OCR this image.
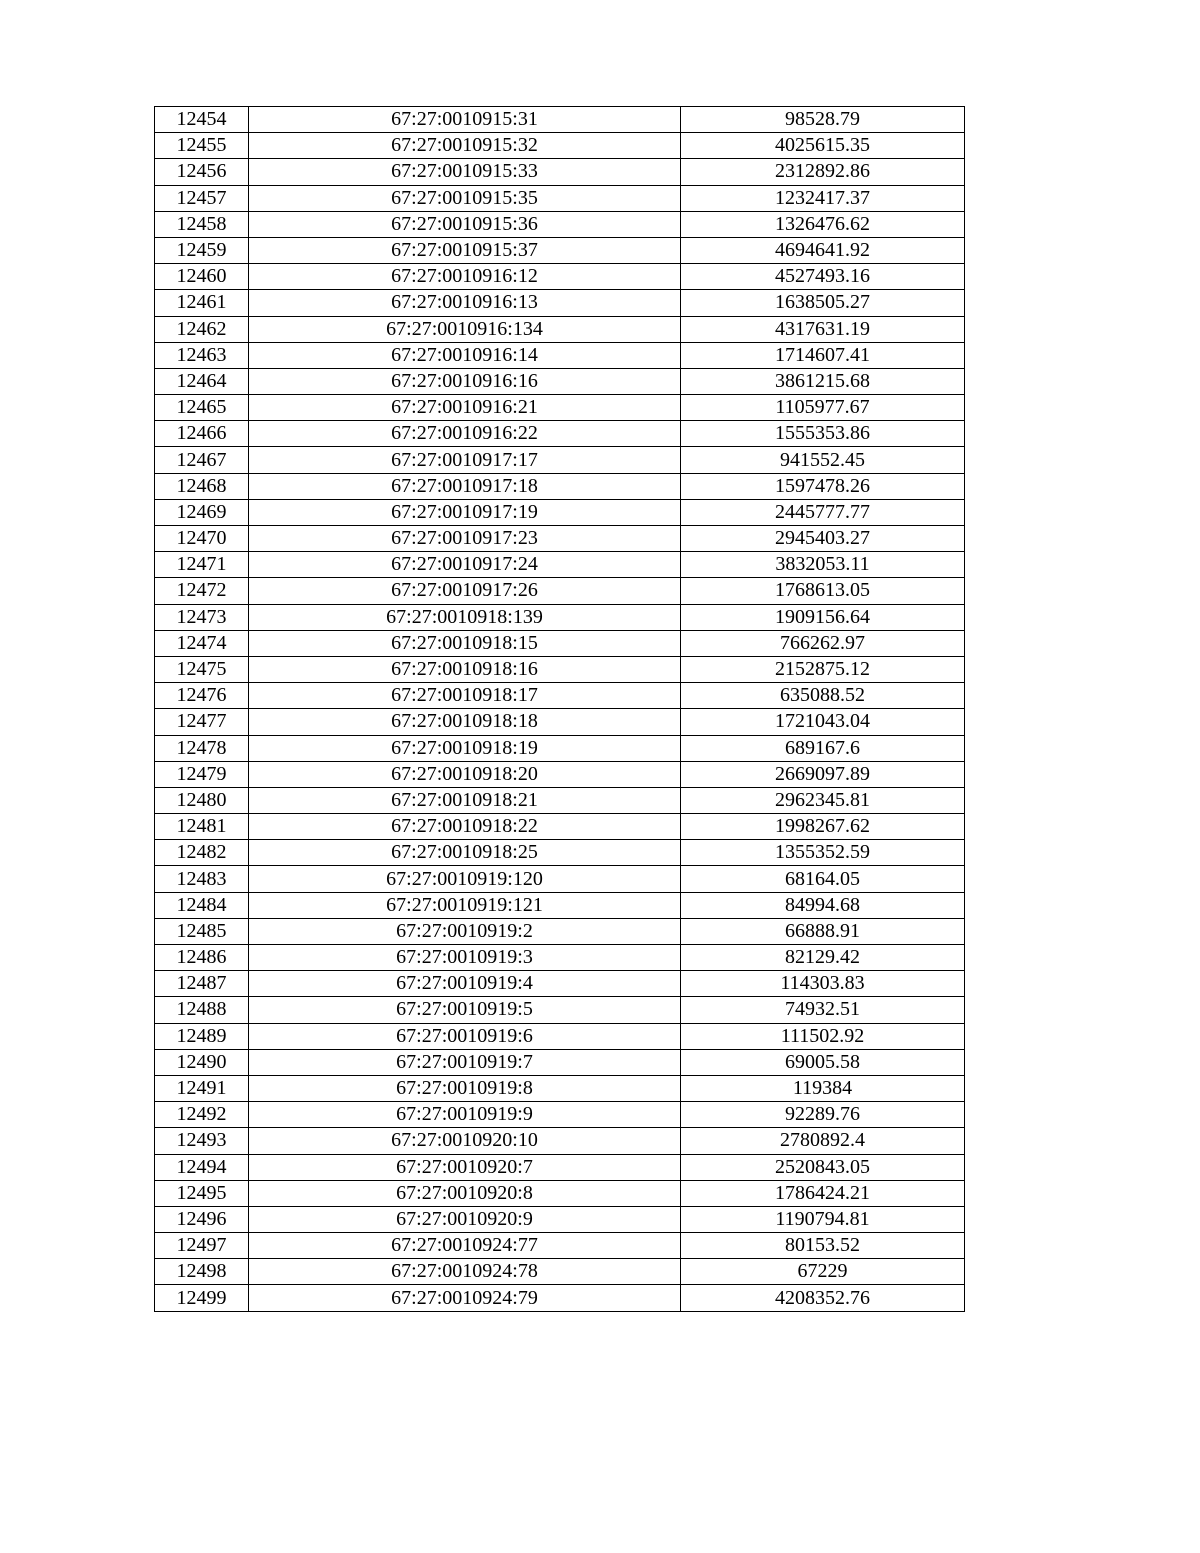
12454	67:27:0010915:31	98528.79
12455	67:27:0010915:32	4025615.35
12456	67:27:0010915:33	2312892.86
12457	67:27:0010915:35	1232417.37
12458	67:27:0010915:36	1326476.62
12459	67:27:0010915:37	4694641.92
12460	67:27:0010916:12	4527493.16
12461	67:27:0010916:13	1638505.27
12462	67:27:0010916:134	4317631.19
12463	67:27:0010916:14	1714607.41
12464	67:27:0010916:16	3861215.68
12465	67:27:0010916:21	1105977.67
12466	67:27:0010916:22	1555353.86
12467	67:27:0010917:17	941552.45
12468	67:27:0010917:18	1597478.26
12469	67:27:0010917:19	2445777.77
12470	67:27:0010917:23	2945403.27
12471	67:27:0010917:24	3832053.11
12472	67:27:0010917:26	1768613.05
12473	67:27:0010918:139	1909156.64
12474	67:27:0010918:15	766262.97
12475	67:27:0010918:16	2152875.12
12476	67:27:0010918:17	635088.52
12477	67:27:0010918:18	1721043.04
12478	67:27:0010918:19	689167.6
12479	67:27:0010918:20	2669097.89
12480	67:27:0010918:21	2962345.81
12481	67:27:0010918:22	1998267.62
12482	67:27:0010918:25	1355352.59
12483	67:27:0010919:120	68164.05
12484	67:27:0010919:121	84994.68
12485	67:27:0010919:2	66888.91
12486	67:27:0010919:3	82129.42
12487	67:27:0010919:4	114303.83
12488	67:27:0010919:5	74932.51
12489	67:27:0010919:6	111502.92
12490	67:27:0010919:7	69005.58
12491	67:27:0010919:8	119384
12492	67:27:0010919:9	92289.76
12493	67:27:0010920:10	2780892.4
12494	67:27:0010920:7	2520843.05
12495	67:27:0010920:8	1786424.21
12496	67:27:0010920:9	1190794.81
12497	67:27:0010924:77	80153.52
12498	67:27:0010924:78	67229
12499	67:27:0010924:79	4208352.76
